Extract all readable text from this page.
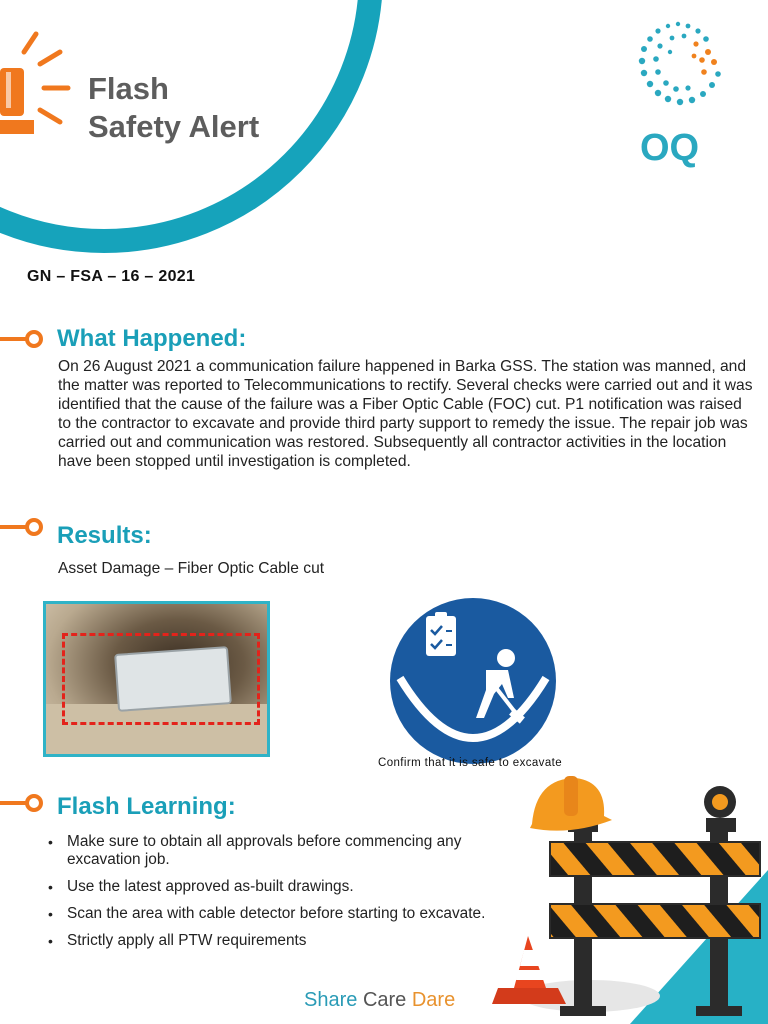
Flash
Safety Alert
OQ
GN – FSA – 16 – 2021
What Happened:
On 26 August 2021 a communication failure happened in Barka GSS. The station was manned, and the matter was reported to Telecommunications to rectify. Several checks were carried out and it was identified that the cause of the failure was a Fiber Optic Cable (FOC) cut. P1 notification was raised to the contractor to excavate and provide third party support to remedy the issue. The repair job was carried out and communication was restored. Subsequently all contractor activities in the location have been stopped until investigation is completed.
Results:
Asset Damage – Fiber Optic Cable cut
Confirm that it is safe to excavate
Flash Learning:
• Make sure to obtain all approvals before commencing any excavation job.
• Use the latest approved as-built drawings.
• Scan the area with cable detector before starting to excavate.
• Strictly apply all PTW requirements
Share Care Dare
